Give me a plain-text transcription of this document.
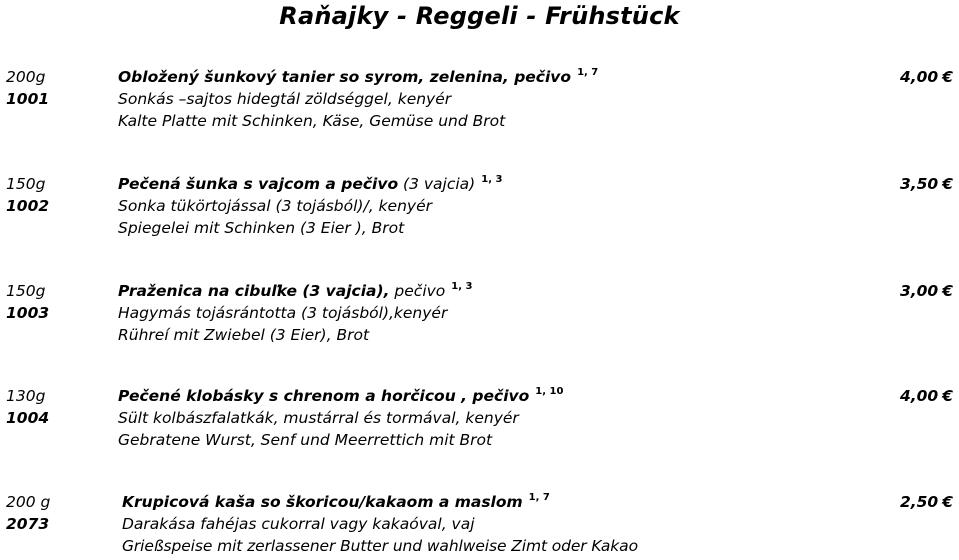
Raňajky - Reggeli - Frühstück
200g
1001
Obložený šunkový tanier so syrom, zelenina, pečivo $^{1, 7}$
Sonkás –sajtos hidegtál zöldséggel, kenyér
Kalte Platte mit Schinken, Käse, Gemüse und Brot
4,00 €
150g
1002
Pečená šunka s vajcom a pečivo (3 vajcia) $^{1, 3}$
Sonka tükörtojással (3 tojásból)/, kenyér
Spiegelei mit Schinken (3 Eier ), Brot
3,50 €
150g
1003
Praženica na cibuľke (3 vajcia), pečivo $^{1, 3}$
Hagymás tojásrántotta (3 tojásból),kenyér
Rühreí mit Zwiebel (3 Eier), Brot
3,00 €
130g
1004
Pečené klobásky s chrenom a horčicou , pečivo $^{1, 10}$
Sült kolbászfalatkák, mustárral és tormával, kenyér
Gebratene Wurst, Senf und Meerrettich mit Brot
4,00 €
200 g
2073
Krupicová kaša so škoricou/kakaom a maslom $^{1, 7}$
Darakása fahéjas cukorral vagy kakaóval, vaj
Grießspeise mit zerlassener Butter und wahlweise Zimt oder Kakao
2,50 €
